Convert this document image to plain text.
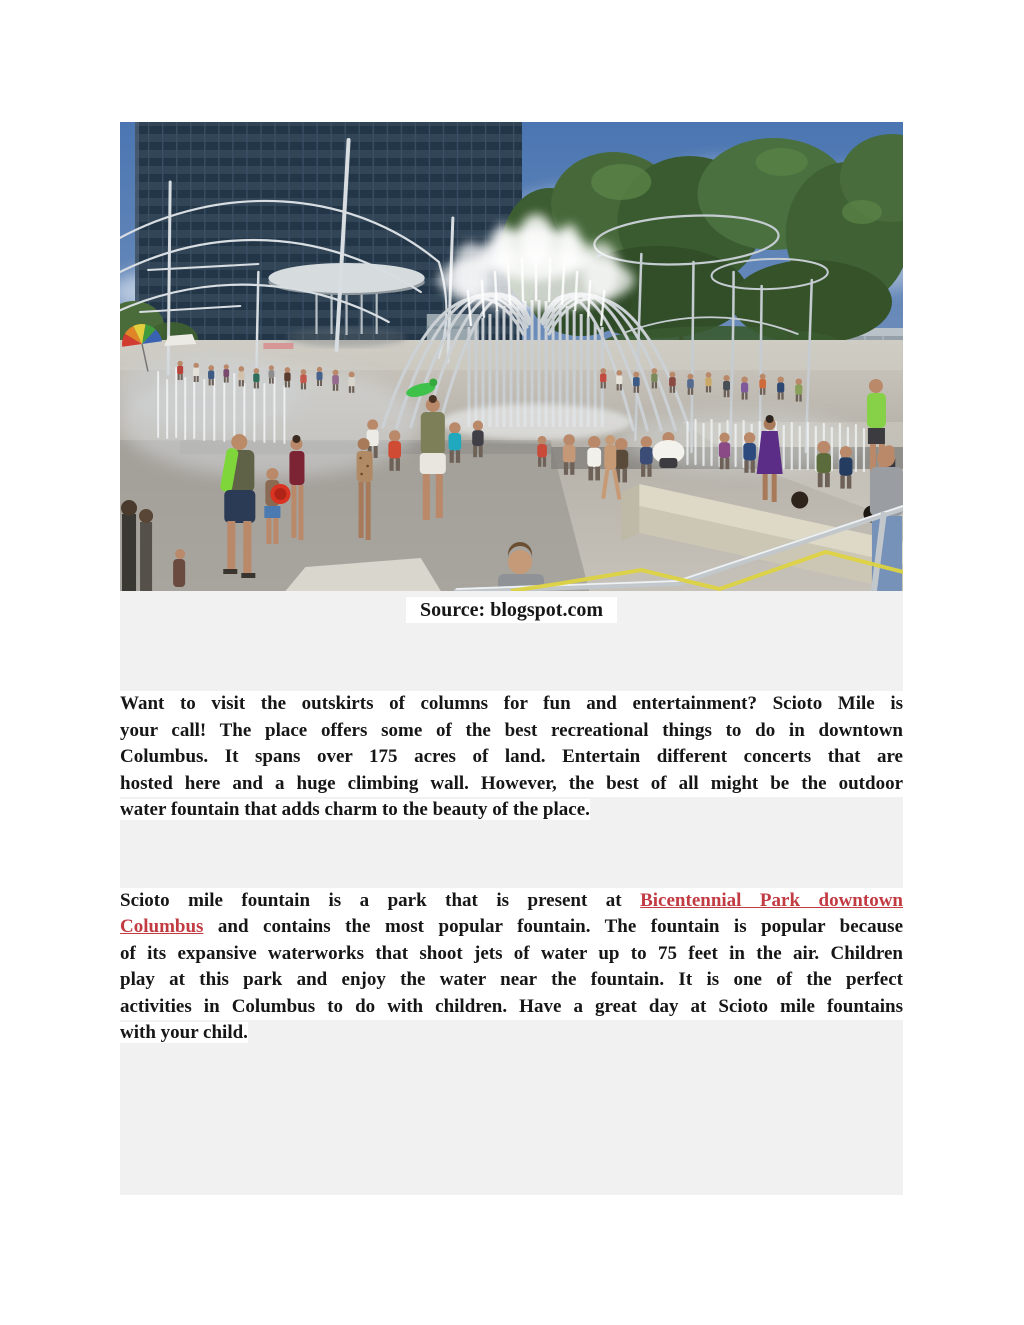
Source: blogspot.com
Want to visit the outskirts of columns for fun and entertainment? Scioto Mile is
your call! The place offers some of the best recreational things to do in downtown
Columbus. It spans over 175 acres of land. Entertain different concerts that are
hosted here and a huge climbing wall. However, the best of all might be the outdoor
water fountain that adds charm to the beauty of the place.
Scioto mile fountain is a park that is present at Bicentennial Park downtown
Columbus and contains the most popular fountain. The fountain is popular because
of its expansive waterworks that shoot jets of water up to 75 feet in the air. Children
play at this park and enjoy the water near the fountain. It is one of the perfect
activities in Columbus to do with children. Have a great day at Scioto mile fountains
with your child.
